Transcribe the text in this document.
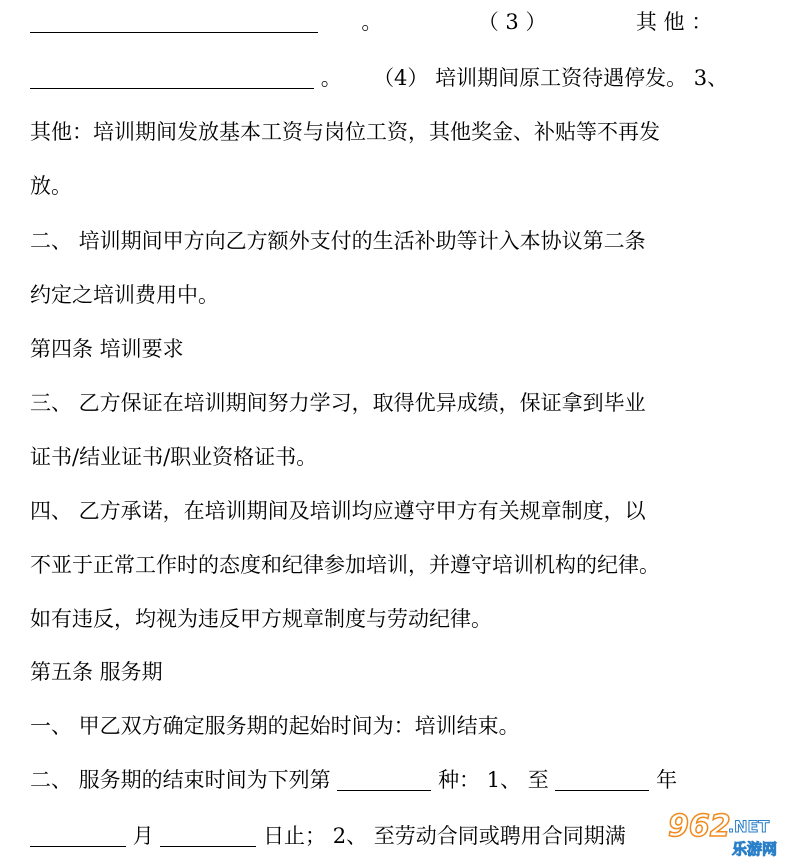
。	（ 3 ）	其 他 ：
。 （4） 培训期间原工资待遇停发。 3、
其他：培训期间发放基本工资与岗位工资，其他奖金、补贴等不再发
放。
二、 培训期间甲方向乙方额外支付的生活补助等计入本协议第二条
约定之培训费用中。
第四条 培训要求
三、 乙方保证在培训期间努力学习，取得优异成绩，保证拿到毕业
证书/结业证书/职业资格证书。
四、 乙方承诺，在培训期间及培训均应遵守甲方有关规章制度，以
不亚于正常工作时的态度和纪律参加培训，并遵守培训机构的纪律。
如有违反，均视为违反甲方规章制度与劳动纪律。
第五条 服务期
一、 甲乙双方确定服务期的起始时间为：培训结束。
二、 服务期的结束时间为下列第	种： 1、 至	年
月	日止； 2、 至劳动合同或聘用合同期满 962
.NET
乐游网
